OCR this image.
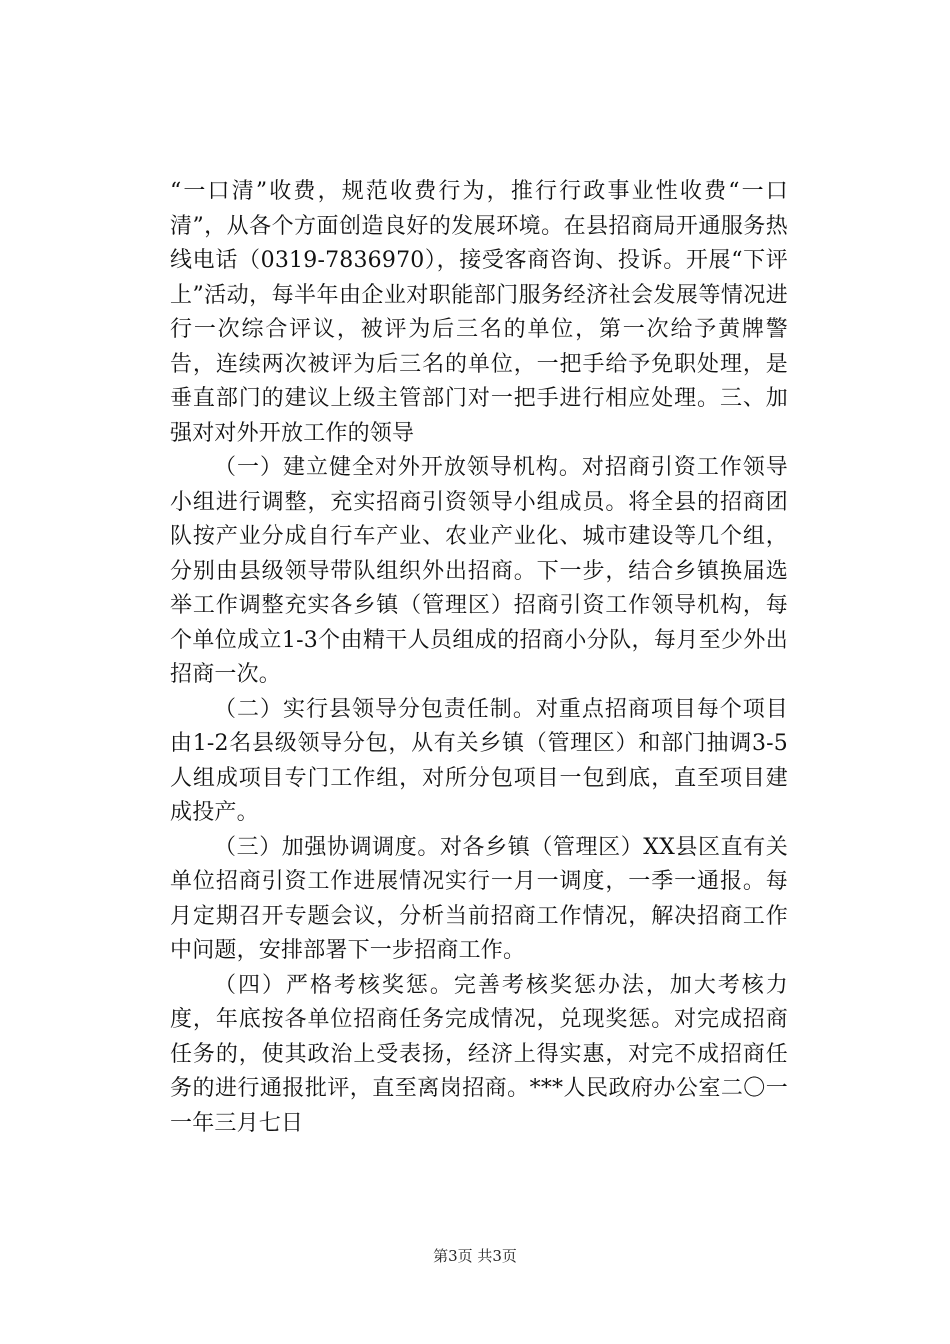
“一口清”收费，规范收费行为，推行行政事业性收费“一口清”，从各个方面创造良好的发展环境。在县招商局开通服务热线电话（0319-7836970），接受客商咨询、投诉。开展“下评上”活动，每半年由企业对职能部门服务经济社会发展等情况进行一次综合评议，被评为后三名的单位，第一次给予黄牌警告，连续两次被评为后三名的单位，一把手给予免职处理，是垂直部门的建议上级主管部门对一把手进行相应处理。三、加强对对外开放工作的领导

（一）建立健全对外开放领导机构。对招商引资工作领导小组进行调整，充实招商引资领导小组成员。将全县的招商团队按产业分成自行车产业、农业产业化、城市建设等几个组，分别由县级领导带队组织外出招商。下一步，结合乡镇换届选举工作调整充实各乡镇（管理区）招商引资工作领导机构，每个单位成立1-3个由精干人员组成的招商小分队，每月至少外出招商一次。

（二）实行县领导分包责任制。对重点招商项目每个项目由1-2名县级领导分包，从有关乡镇（管理区）和部门抽调3-5人组成项目专门工作组，对所分包项目一包到底，直至项目建成投产。

（三）加强协调调度。对各乡镇（管理区）XX县区直有关单位招商引资工作进展情况实行一月一调度，一季一通报。每月定期召开专题会议，分析当前招商工作情况，解决招商工作中问题，安排部署下一步招商工作。

（四）严格考核奖惩。完善考核奖惩办法，加大考核力度，年底按各单位招商任务完成情况，兑现奖惩。对完成招商任务的，使其政治上受表扬，经济上得实惠，对完不成招商任务的进行通报批评，直至离岗招商。***人民政府办公室二〇一一年三月七日

第3页 共3页
